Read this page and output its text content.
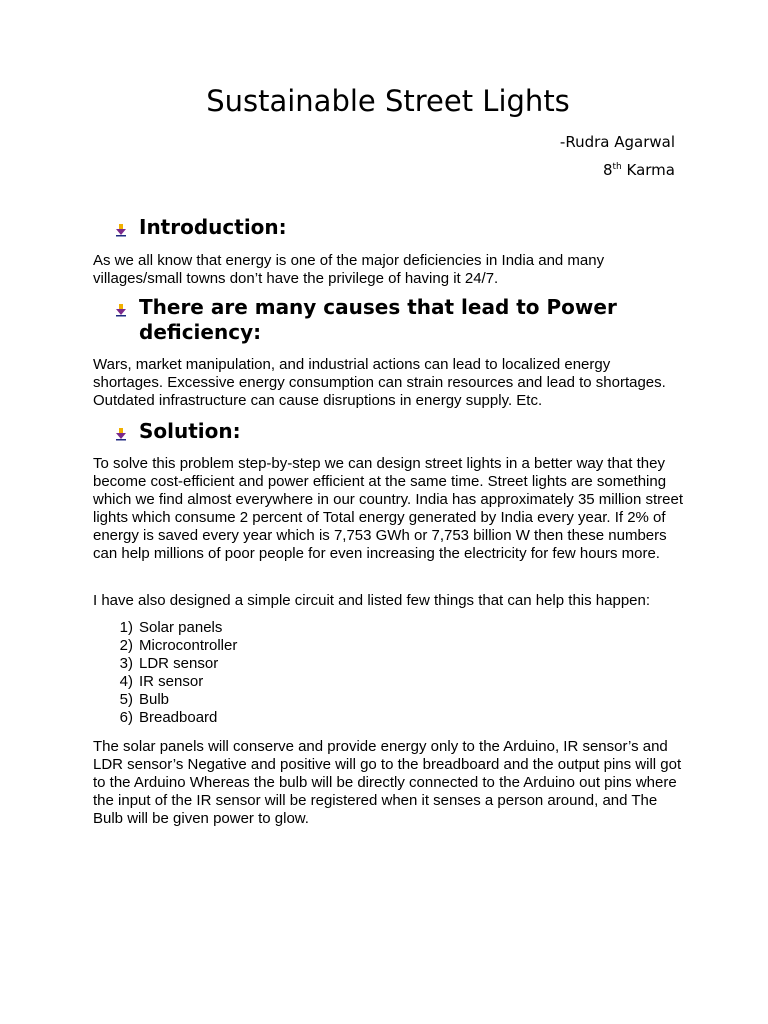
Sustainable Street Lights
-Rudra Agarwal
8th Karma
Introduction:

As we all know that energy is one of the major deficiencies in India and many villages/small towns don’t have the privilege of having it 24/7.

There are many causes that lead to Power deficiency:

Wars, market manipulation, and industrial actions can lead to localized energy shortages. Excessive energy consumption can strain resources and lead to shortages. Outdated infrastructure can cause disruptions in energy supply. Etc.

Solution:

To solve this problem step-by-step we can design street lights in a better way that they become cost-efficient and power efficient at the same time. Street lights are something which we find almost everywhere in our country. India has approximately 35 million street lights which consume 2 percent of Total energy generated by India every year. If 2% of energy is saved every year which is 7,753 GWh or 7,753 billion W then these numbers can help millions of poor people for even increasing the electricity for few hours more.

I have also designed a simple circuit and listed few things that can help this happen:

1) Solar panels
2) Microcontroller
3) LDR sensor
4) IR sensor
5) Bulb
6) Breadboard

The solar panels will conserve and provide energy only to the Arduino, IR sensor’s and LDR sensor’s Negative and positive will go to the breadboard and the output pins will got to the Arduino Whereas the bulb will be directly connected to the Arduino out pins where the input of the IR sensor will be registered when it senses a person around, and The Bulb will be given power to glow.
